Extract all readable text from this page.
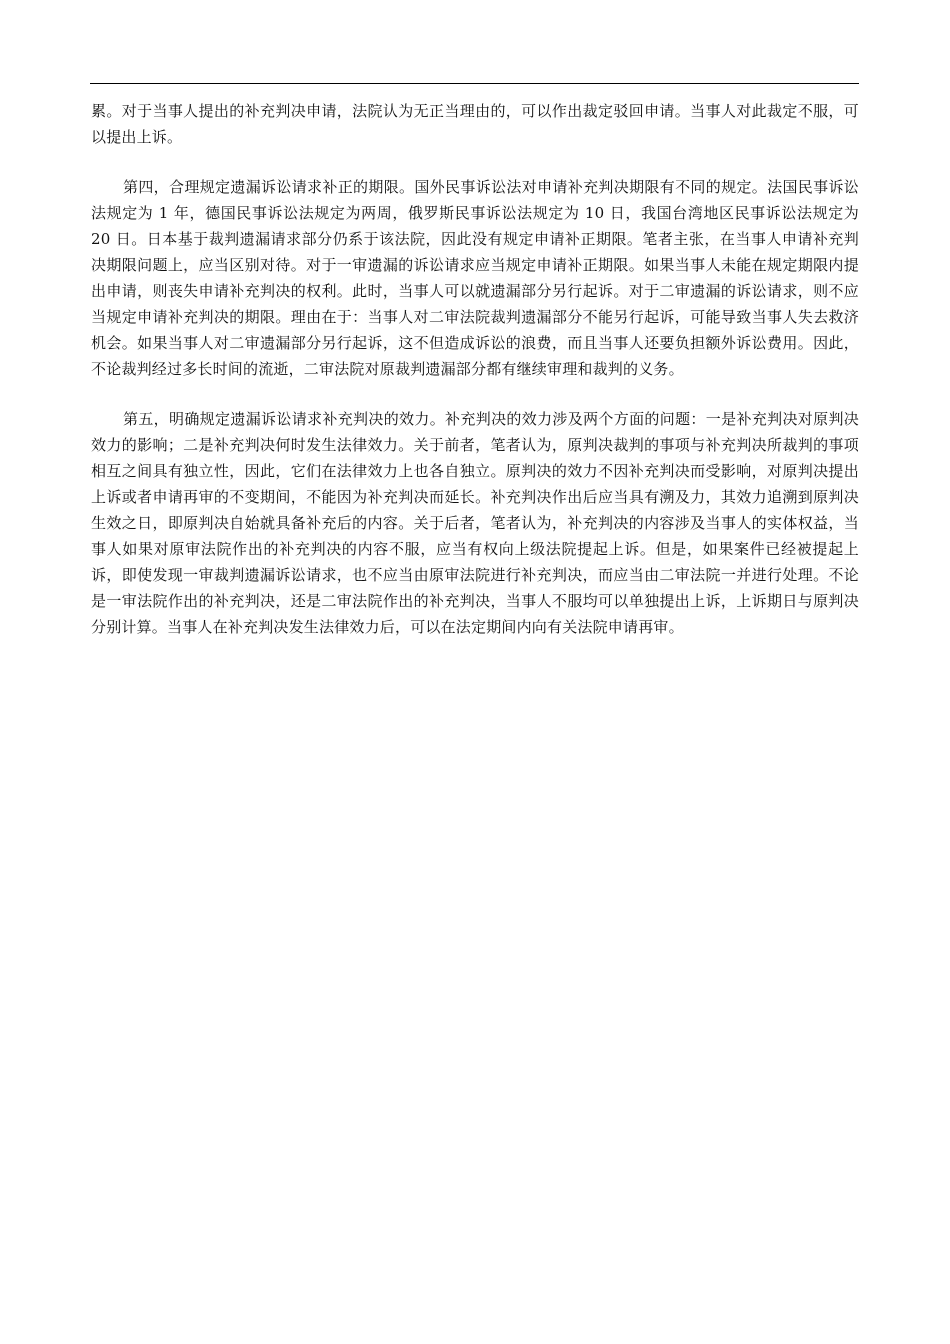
累。对于当事人提出的补充判决申请，法院认为无正当理由的，可以作出裁定驳回申请。当事人对此裁定不服，可以提出上诉。

第四，合理规定遗漏诉讼请求补正的期限。国外民事诉讼法对申请补充判决期限有不同的规定。法国民事诉讼法规定为 1 年，德国民事诉讼法规定为两周，俄罗斯民事诉讼法规定为 10 日，我国台湾地区民事诉讼法规定为 20 日。日本基于裁判遗漏请求部分仍系于该法院，因此没有规定申请补正期限。笔者主张，在当事人申请补充判决期限问题上，应当区别对待。对于一审遗漏的诉讼请求应当规定申请补正期限。如果当事人未能在规定期限内提出申请，则丧失申请补充判决的权利。此时，当事人可以就遗漏部分另行起诉。对于二审遗漏的诉讼请求，则不应当规定申请补充判决的期限。理由在于：当事人对二审法院裁判遗漏部分不能另行起诉，可能导致当事人失去救济机会。如果当事人对二审遗漏部分另行起诉，这不但造成诉讼的浪费，而且当事人还要负担额外诉讼费用。因此，不论裁判经过多长时间的流逝，二审法院对原裁判遗漏部分都有继续审理和裁判的义务。

第五，明确规定遗漏诉讼请求补充判决的效力。补充判决的效力涉及两个方面的问题：一是补充判决对原判决效力的影响；二是补充判决何时发生法律效力。关于前者，笔者认为，原判决裁判的事项与补充判决所裁判的事项相互之间具有独立性，因此，它们在法律效力上也各自独立。原判决的效力不因补充判决而受影响，对原判决提出上诉或者申请再审的不变期间，不能因为补充判决而延长。补充判决作出后应当具有溯及力，其效力追溯到原判决生效之日，即原判决自始就具备补充后的内容。关于后者，笔者认为，补充判决的内容涉及当事人的实体权益，当事人如果对原审法院作出的补充判决的内容不服，应当有权向上级法院提起上诉。但是，如果案件已经被提起上诉，即使发现一审裁判遗漏诉讼请求，也不应当由原审法院进行补充判决，而应当由二审法院一并进行处理。不论是一审法院作出的补充判决，还是二审法院作出的补充判决，当事人不服均可以单独提出上诉，上诉期日与原判决分别计算。当事人在补充判决发生法律效力后，可以在法定期间内向有关法院申请再审。
